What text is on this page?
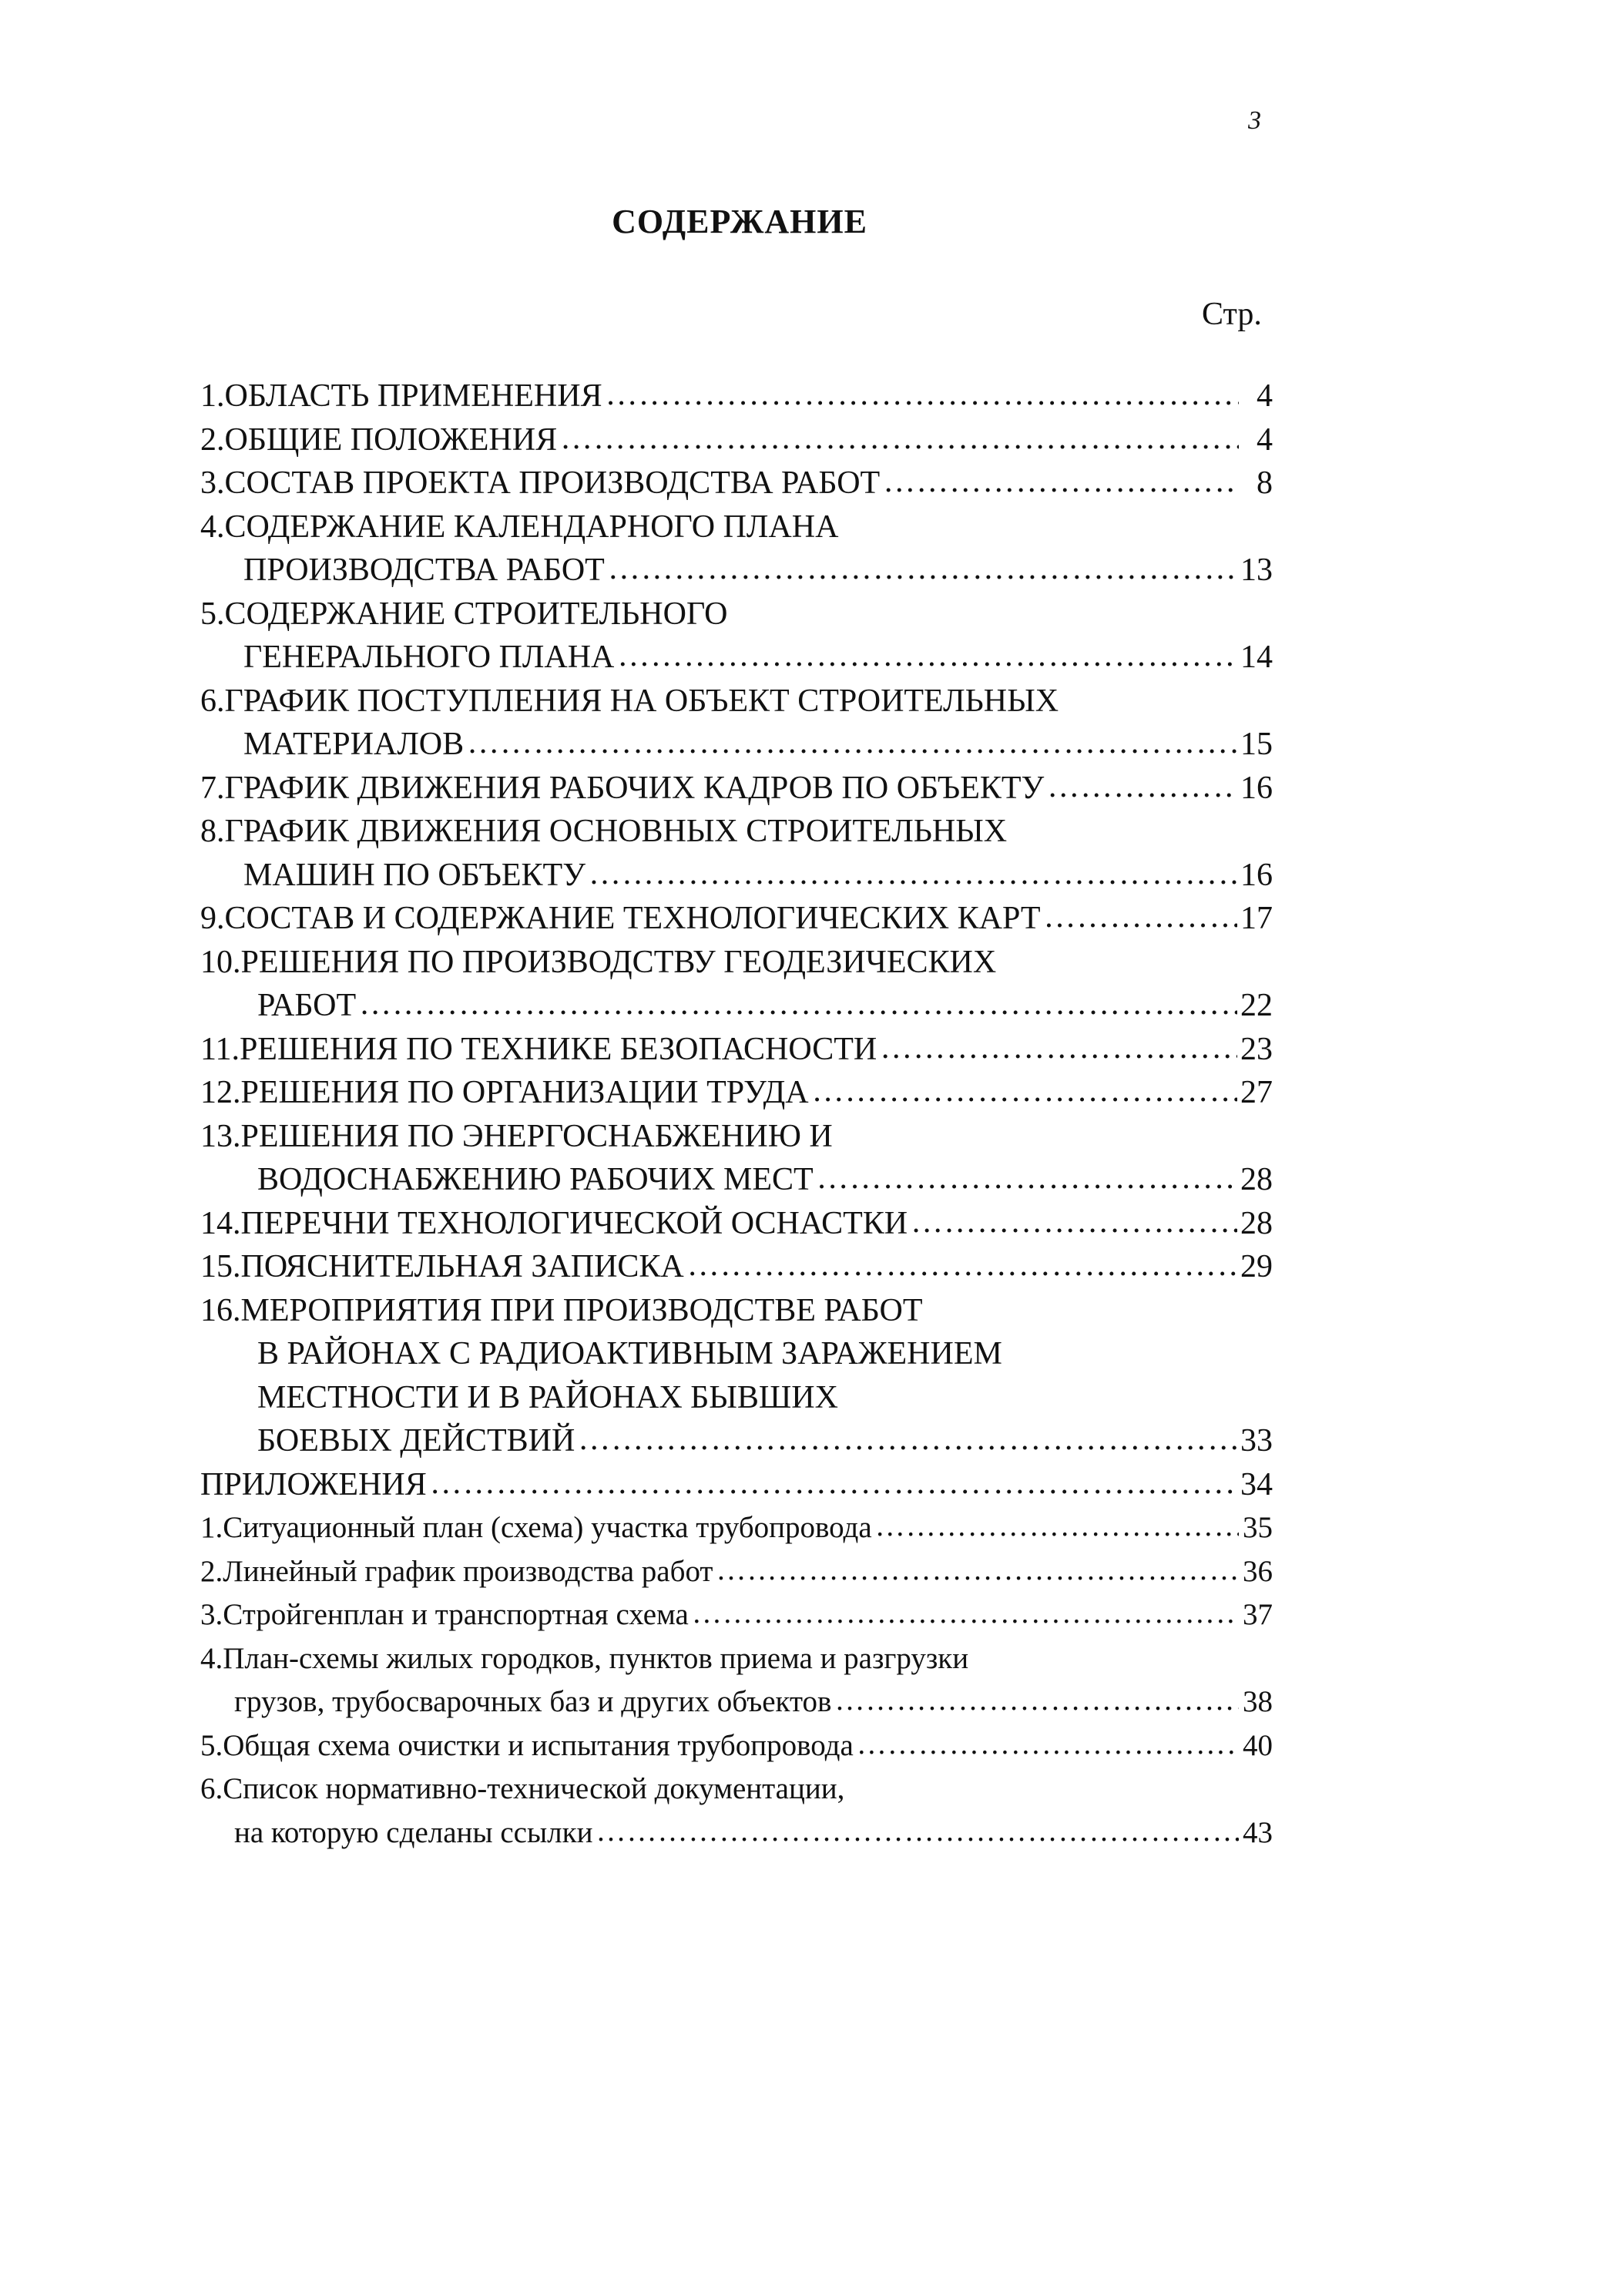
3
СОДЕРЖАНИЕ
Стр.
1. ОБЛАСТЬ ПРИМЕНЕНИЯ ……………………………………………………………………………………………………………………………………………………………………	4
2. ОБЩИЕ ПОЛОЖЕНИЯ ……………………………………………………………………………………………………………………………………………………………………	4
3. СОСТАВ ПРОЕКТА ПРОИЗВОДСТВА РАБОТ ……………………………………………………………………………………………………………………………………………………………………	8
4. СОДЕРЖАНИЕ КАЛЕНДАРНОГО ПЛАНА
ПРОИЗВОДСТВА РАБОТ ……………………………………………………………………………………………………………………………………………………………………	13
5. СОДЕРЖАНИЕ СТРОИТЕЛЬНОГО
ГЕНЕРАЛЬНОГО ПЛАНА ……………………………………………………………………………………………………………………………………………………………………	14
6. ГРАФИК ПОСТУПЛЕНИЯ НА ОБЪЕКТ СТРОИТЕЛЬНЫХ
МАТЕРИАЛОВ ……………………………………………………………………………………………………………………………………………………………………	15
7. ГРАФИК ДВИЖЕНИЯ РАБОЧИХ КАДРОВ ПО ОБЪЕКТУ ……………………………………………………………………………………………………………………………………………………………………	16
8. ГРАФИК ДВИЖЕНИЯ ОСНОВНЫХ СТРОИТЕЛЬНЫХ
МАШИН ПО ОБЪЕКТУ ……………………………………………………………………………………………………………………………………………………………………	16
9. СОСТАВ И СОДЕРЖАНИЕ ТЕХНОЛОГИЧЕСКИХ КАРТ ……………………………………………………………………………………………………………………………………………………………………	17
10. РЕШЕНИЯ ПО ПРОИЗВОДСТВУ ГЕОДЕЗИЧЕСКИХ
РАБОТ ……………………………………………………………………………………………………………………………………………………………………	22
11. РЕШЕНИЯ ПО ТЕХНИКЕ БЕЗОПАСНОСТИ ……………………………………………………………………………………………………………………………………………………………………	23
12. РЕШЕНИЯ ПО ОРГАНИЗАЦИИ ТРУДА ……………………………………………………………………………………………………………………………………………………………………	27
13. РЕШЕНИЯ ПО ЭНЕРГОСНАБЖЕНИЮ И
ВОДОСНАБЖЕНИЮ РАБОЧИХ МЕСТ ……………………………………………………………………………………………………………………………………………………………………	28
14. ПЕРЕЧНИ ТЕХНОЛОГИЧЕСКОЙ ОСНАСТКИ ……………………………………………………………………………………………………………………………………………………………………	28
15. ПОЯСНИТЕЛЬНАЯ ЗАПИСКА ……………………………………………………………………………………………………………………………………………………………………	29
16. МЕРОПРИЯТИЯ ПРИ ПРОИЗВОДСТВЕ РАБОТ
В РАЙОНАХ С РАДИОАКТИВНЫМ ЗАРАЖЕНИЕМ
МЕСТНОСТИ И В РАЙОНАХ БЫВШИХ
БОЕВЫХ ДЕЙСТВИЙ ……………………………………………………………………………………………………………………………………………………………………	33
ПРИЛОЖЕНИЯ ……………………………………………………………………………………………………………………………………………………………………	34
1. Ситуационный план (схема) участка трубопровода ……………………………………………………………………………………………………………………………………………………………………	35
2. Линейный график производства работ ……………………………………………………………………………………………………………………………………………………………………	36
3. Стройгенплан и транспортная схема ……………………………………………………………………………………………………………………………………………………………………	37
4. План-схемы жилых городков, пунктов приема и разгрузки
грузов, трубосварочных баз и других объектов ……………………………………………………………………………………………………………………………………………………………………	38
5. Общая схема очистки и испытания трубопровода ……………………………………………………………………………………………………………………………………………………………………	40
6. Список нормативно-технической документации,
на которую сделаны ссылки ……………………………………………………………………………………………………………………………………………………………………	43
